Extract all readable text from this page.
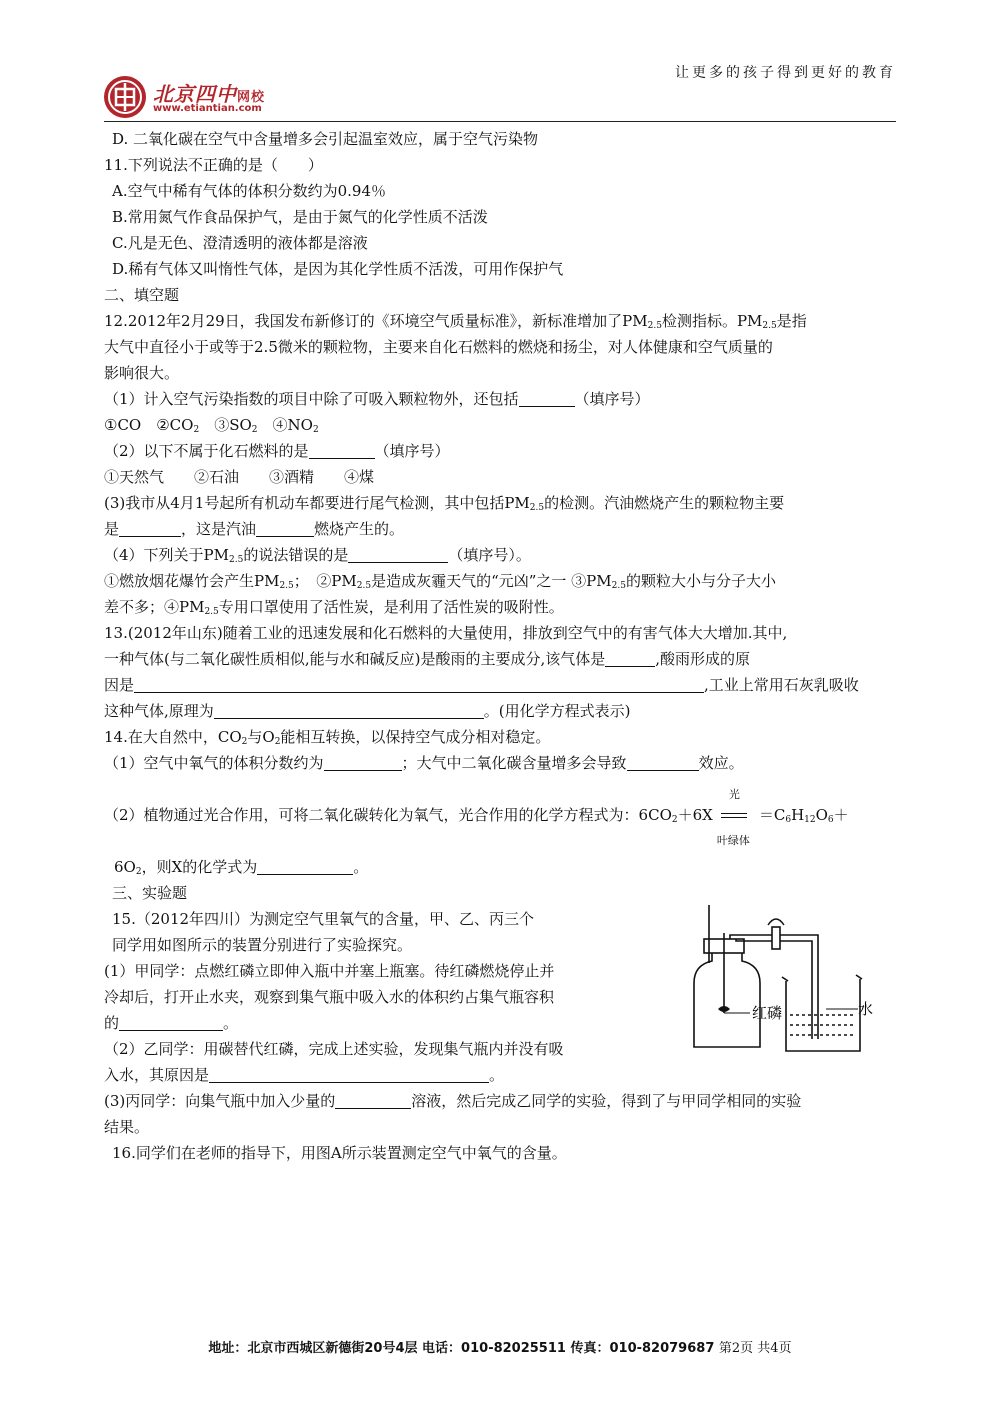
让更多的孩子得到更好的教育
北京四中网校
www.etiantian.com
D. 二氧化碳在空气中含量增多会引起温室效应，属于空气污染物
11.下列说法不正确的是（　　）
A.空气中稀有气体的体积分数约为0.94％
B.常用氮气作食品保护气，是由于氮气的化学性质不活泼
C.凡是无色、澄清透明的液体都是溶液
D.稀有气体又叫惰性气体，是因为其化学性质不活泼，可用作保护气
二、填空题
12.2012年2月29日，我国发布新修订的《环境空气质量标准》，新标准增加了$PM_{2.5}$检测指标。$PM_{2.5}$是指
大气中直径小于或等于2.5微米的颗粒物，主要来自化石燃料的燃烧和扬尘，对人体健康和空气质量的
影响很大。
（1）计入空气污染指数的项目中除了可吸入颗粒物外，还包括	（填序号）
①CO　$②CO_2$　$③SO_2$　$④NO_2$
（2）以下不属于化石燃料的是	（填序号）
①天然气　　②石油　　③酒精　　④煤
(3)我市从4月1号起所有机动车都要进行尾气检测，其中包括$PM_{2.5}$的检测。汽油燃烧产生的颗粒物主要
是	，这是汽油	燃烧产生的。
（4）下列关于$PM_{2.5}$的说法错误的是	（填序号）。
①燃放烟花爆竹会产生$PM_{2.5}$；　$②PM_{2.5}$是造成灰霾天气的“元凶”之一 $③PM_{2.5}$的颗粒大小与分子大小
差不多；$④PM_{2.5}$专用口罩使用了活性炭，是利用了活性炭的吸附性。
13.(2012年山东)随着工业的迅速发展和化石燃料的大量使用，排放到空气中的有害气体大大增加.其中,
一种气体(与二氧化碳性质相似,能与水和碱反应)是酸雨的主要成分,该气体是	,酸雨形成的原
因是	,工业上常用石灰乳吸收
这种气体,原理为	。(用化学方程式表示)
14.在大自然中，$CO_2$与$O_2$能相互转换，以保持空气成分相对稳定。
（1）空气中氧气的体积分数约为	；大气中二氧化碳含量增多会导致	效应。
（2）植物通过光合作用，可将二氧化碳转化为氧气，光合作用的化学方程式为：$6CO_2+6X$
光
叶绿体
$=C_6H_{12}O_6+$
$6O_2$，则X的化学式为	。
三、实验题
15.（2012年四川）为测定空气里氧气的含量，甲、乙、丙三个
同学用如图所示的装置分别进行了实验探究。
(1）甲同学：点燃红磷立即伸入瓶中并塞上瓶塞。待红磷燃烧停止并
冷却后，打开止水夹，观察到集气瓶中吸入水的体积约占集气瓶容积
的	。
（2）乙同学：用碳替代红磷，完成上述实验，发现集气瓶内并没有吸
入水，其原因是	。
(3)丙同学：向集气瓶中加入少量的	溶液，然后完成乙同学的实验，得到了与甲同学相同的实验
结果。
16.同学们在老师的指导下，用图A所示装置测定空气中氧气的含量。
红磷	水
地址：北京市西城区新德街20号4层 电话：010-82025511 传真：010-82079687 第2页 共4页
